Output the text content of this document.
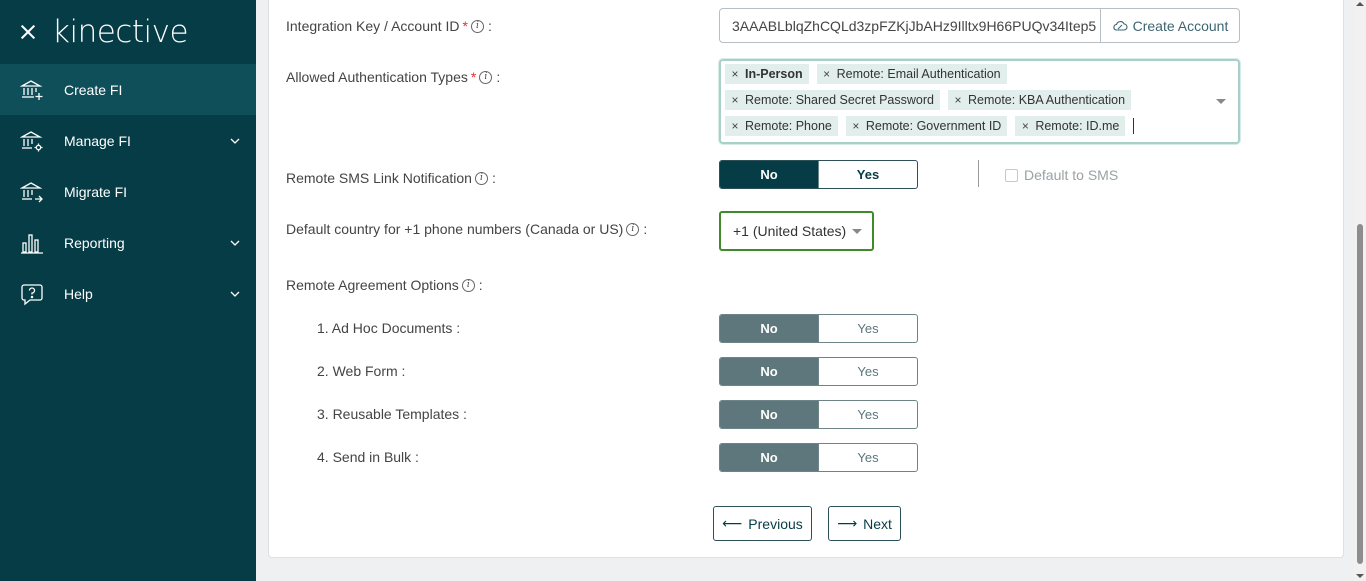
kinective
Create FI
Manage FI
Migrate FI
Reporting
Help
Integration Key / Account ID * i :	3AAABLblqZhCQLd3zpFZKjJbAHz9Illtx9H66PUQv34Itep5	Create Account
Allowed Authentication Types * i :	× In-Person	× Remote: Email Authentication
× Remote: Shared Secret Password	× Remote: KBA Authentication
× Remote: Phone	× Remote: Government ID	× Remote: ID.me
Remote SMS Link Notification i :	No	Yes	Default to SMS
Default country for +1 phone numbers (Canada or US) i :	+1 (United States)
Remote Agreement Options i :
1. Ad Hoc Documents :	No	Yes
2. Web Form :	No	Yes
3. Reusable Templates :	No	Yes
4. Send in Bulk :	No	Yes
⟵ Previous ⟶ Next
